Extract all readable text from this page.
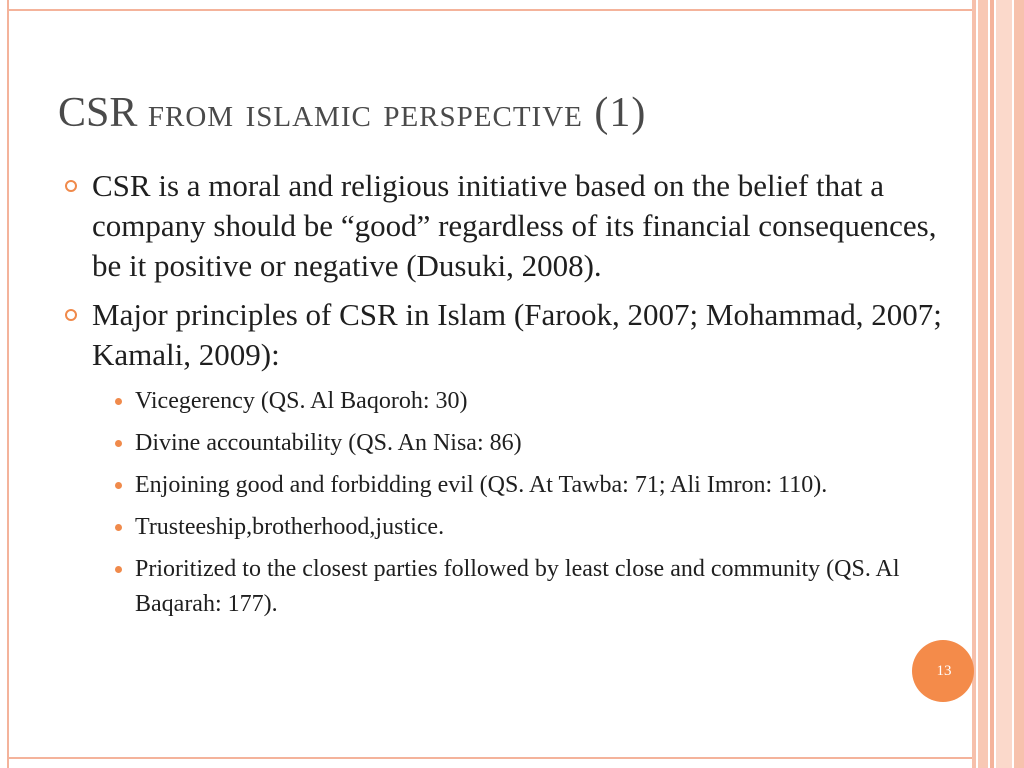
CSR from islamic perspective (1)
CSR is a moral and religious initiative based on the belief that a company should be “good” regardless of its financial consequences, be it positive or negative (Dusuki, 2008).
Major principles of CSR in Islam (Farook, 2007; Mohammad, 2007; Kamali, 2009):
Vicegerency (QS. Al Baqoroh: 30)
Divine accountability (QS. An Nisa: 86)
Enjoining good and forbidding evil (QS. At Tawba: 71; Ali Imron: 110).
Trusteeship,brotherhood,justice.
Prioritized to the closest parties followed by least close and community (QS. Al Baqarah: 177).
13
